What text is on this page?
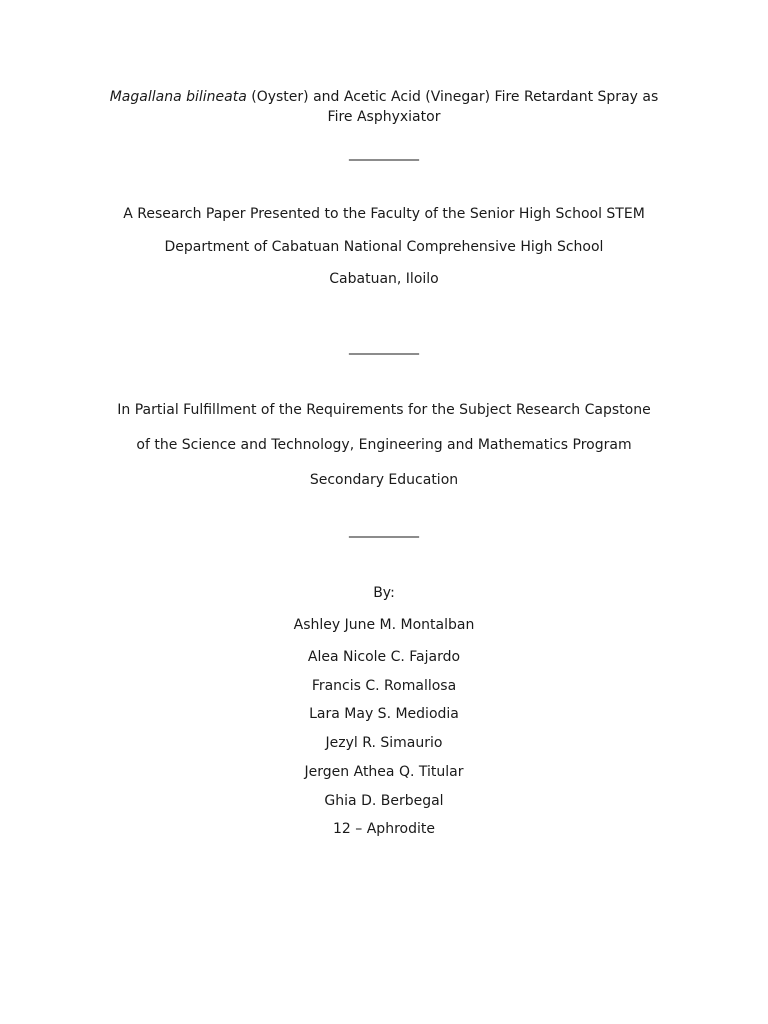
Magallana bilineata (Oyster) and Acetic Acid (Vinegar) Fire Retardant Spray as
Fire Asphyxiator
__________
A Research Paper Presented to the Faculty of the Senior High School STEM
Department of Cabatuan National Comprehensive High School
Cabatuan, Iloilo
__________
In Partial Fulfillment of the Requirements for the Subject Research Capstone
of the Science and Technology, Engineering and Mathematics Program
Secondary Education
__________
By:
Ashley June M. Montalban
Alea Nicole C. Fajardo
Francis C. Romallosa
Lara May S. Mediodia
Jezyl R. Simaurio
Jergen Athea Q. Titular
Ghia D. Berbegal
12 – Aphrodite
